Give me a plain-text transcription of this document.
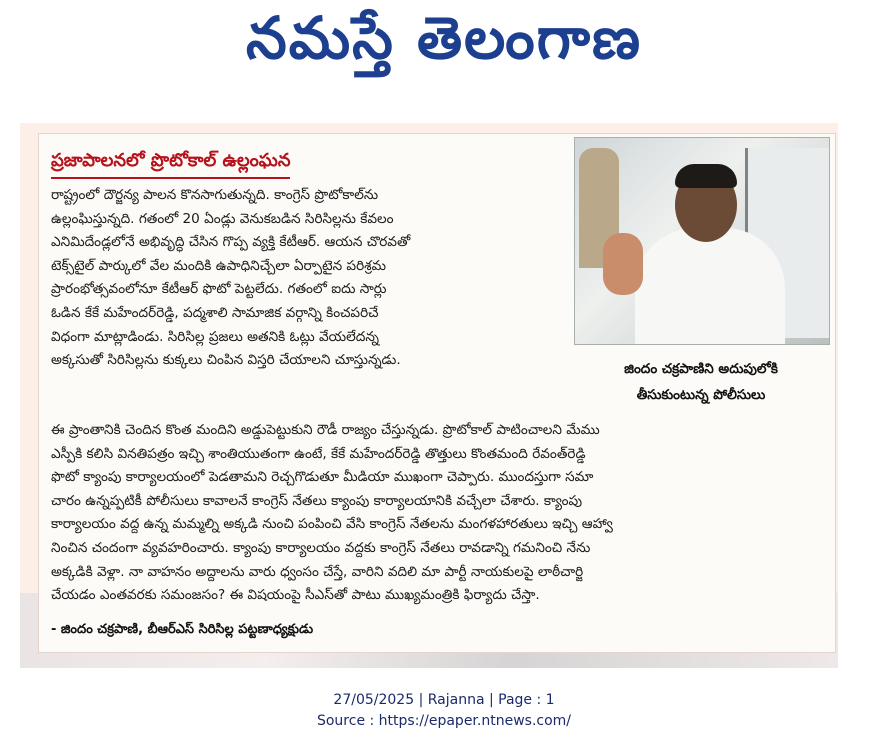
నమస్తే తెలంగాణ
ప్రజాపాలనలో ప్రొటోకాల్ ఉల్లంఘన
జిందం చక్రపాణిని అదుపులోకి
తీసుకుంటున్న పోలీసులు
రాష్ట్రంలో దౌర్జన్య పాలన కొనసాగుతున్నది. కాంగ్రెస్ ప్రొటోకాల్‌ను
ఉల్లంఘిస్తున్నది. గతంలో 20 ఏండ్లు వెనుకబడిన సిరిసిల్లను కేవలం
ఎనిమిదేండ్లలోనే అభివృద్ధి చేసిన గొప్ప వ్యక్తి కేటీఆర్. ఆయన చొరవతో
టెక్స్‌టైల్ పార్కులో వేల మందికి ఉపాధినిచ్చేలా ఏర్పాటైన పరిశ్రమ
ప్రారంభోత్సవంలోనూ కేటీఆర్ ఫొటో పెట్టలేదు. గతంలో ఐదు సార్లు
ఓడిన కేకే మహేందర్‌రెడ్డి, పద్మశాలి సామాజిక వర్గాన్ని కించపరిచే
విధంగా మాట్లాడిండు. సిరిసిల్ల ప్రజలు అతనికి ఓట్లు వేయలేదన్న
అక్కసుతో సిరిసిల్లను కుక్కలు చింపిన విస్తరి చేయాలని చూస్తున్నడు.
ఈ ప్రాంతానికి చెందిన కొంత మందిని అడ్డుపెట్టుకుని రౌడీ రాజ్యం చేస్తున్నడు. ప్రొటోకాల్ పాటించాలని మేము
ఎస్పీకి కలిసి వినతిపత్రం ఇచ్చి శాంతియుతంగా ఉంటే, కేకే మహేందర్‌రెడ్డి తొత్తులు కొంతమంది రేవంత్‌రెడ్డి
ఫొటో క్యాంపు కార్యాలయంలో పెడతామని రెచ్చగొడుతూ మీడియా ముఖంగా చెప్పారు. ముందస్తుగా సమా
చారం ఉన్నప్పటికీ పోలీసులు కావాలనే కాంగ్రెస్ నేతలు క్యాంపు కార్యాలయానికి వచ్చేలా చేశారు. క్యాంపు
కార్యాలయం వద్ద ఉన్న మమ్మల్ని అక్కడి నుంచి పంపించి వేసి కాంగ్రెస్ నేతలను మంగళహారతులు ఇచ్చి ఆహ్వా
నించిన చందంగా వ్యవహరించారు. క్యాంపు కార్యాలయం వద్దకు కాంగ్రెస్ నేతలు రావడాన్ని గమనించి నేను
అక్కడికి వెళ్లా. నా వాహనం అద్దాలను వారు ధ్వంసం చేస్తే, వారిని వదిలి మా పార్టీ నాయకులపై లాఠీచార్జి
చేయడం ఎంతవరకు సమంజసం? ఈ విషయంపై సీఎస్‌తో పాటు ముఖ్యమంత్రికి ఫిర్యాదు చేస్తా.
- జిందం చక్రపాణి, బీఆర్‌ఎస్ సిరిసిల్ల పట్టణాధ్యక్షుడు
27/05/2025 | Rajanna | Page : 1
Source : https://epaper.ntnews.com/
